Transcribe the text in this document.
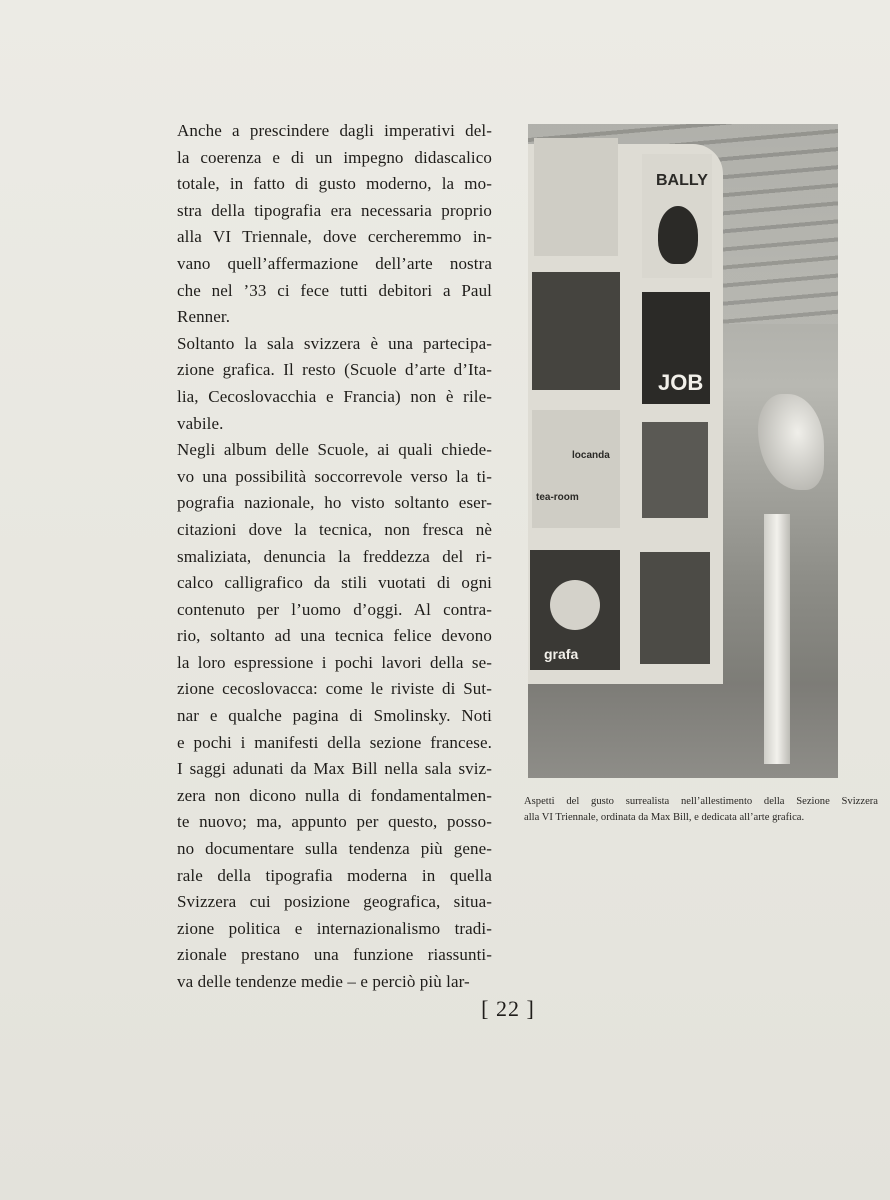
Anche a prescindere dagli imperativi del-
la coerenza e di un impegno didascalico
totale, in fatto di gusto moderno, la mo-
stra della tipografia era necessaria proprio
alla VI Triennale, dove cercheremmo in-
vano quell’affermazione dell’arte nostra
che nel ’33 ci fece tutti debitori a Paul
Renner.
Soltanto la sala svizzera è una partecipa-
zione grafica. Il resto (Scuole d’arte d’Ita-
lia, Cecoslovacchia e Francia) non è rile-
vabile.
Negli album delle Scuole, ai quali chiede-
vo una possibilità soccorrevole verso la ti-
pografia nazionale, ho visto soltanto eser-
citazioni dove la tecnica, non fresca nè
smaliziata, denuncia la freddezza del ri-
calco calligrafico da stili vuotati di ogni
contenuto per l’uomo d’oggi. Al contra-
rio, soltanto ad una tecnica felice devono
la loro espressione i pochi lavori della se-
zione cecoslovacca: come le riviste di Sut-
nar e qualche pagina di Smolinsky. Noti
e pochi i manifesti della sezione francese.
I saggi adunati da Max Bill nella sala sviz-
zera non dicono nulla di fondamentalmen-
te nuovo; ma, appunto per questo, posso-
no documentare sulla tendenza più gene-
rale della tipografia moderna in quella
Svizzera cui posizione geografica, situa-
zione politica e internazionalismo tradi-
zionale prestano una funzione riassunti-
va delle tendenze medie – e perciò più lar-
BALLY
JOB
locanda
tea-room
grafa
Aspetti del gusto surrealista nell’allestimento della Sezione Svizzera
alla VI Triennale, ordinata da Max Bill, e dedicata all’arte grafica.
[ 22 ]
